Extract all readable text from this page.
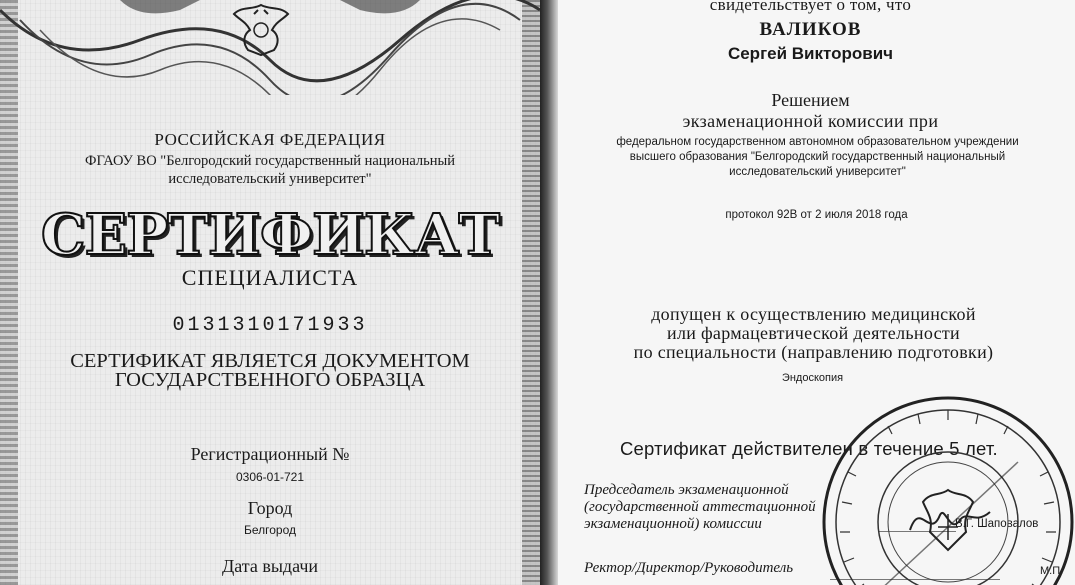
РОССИЙСКАЯ ФЕДЕРАЦИЯ
ФГАОУ ВО "Белгородский государственный национальный исследовательский университет"
СЕРТИФИКАТ
СПЕЦИАЛИСТА
0131310171933
СЕРТИФИКАТ ЯВЛЯЕТСЯ ДОКУМЕНТОМ
ГОСУДАРСТВЕННОГО ОБРАЗЦА
Регистрационный №
0306-01-721
Город
Белгород
Дата выдачи
свидетельствует о том, что
ВАЛИКОВ
Сергей Викторович
Решением
экзаменационной комиссии при
федеральном государственном автономном образовательном учреждении высшего образования "Белгородский государственный национальный исследовательский университет"
протокол 92В от 2 июля 2018 года
допущен к осуществлению медицинской
или фармацевтической деятельности
по специальности (направлению подготовки)
Эндоскопия
Сертификат действителен в течение 5 лет.
Председатель экзаменационной
(государственной аттестационной
экзаменационной) комиссии	В.Г. Шаповалов
Ректор/Директор/Руководитель	М.П.
